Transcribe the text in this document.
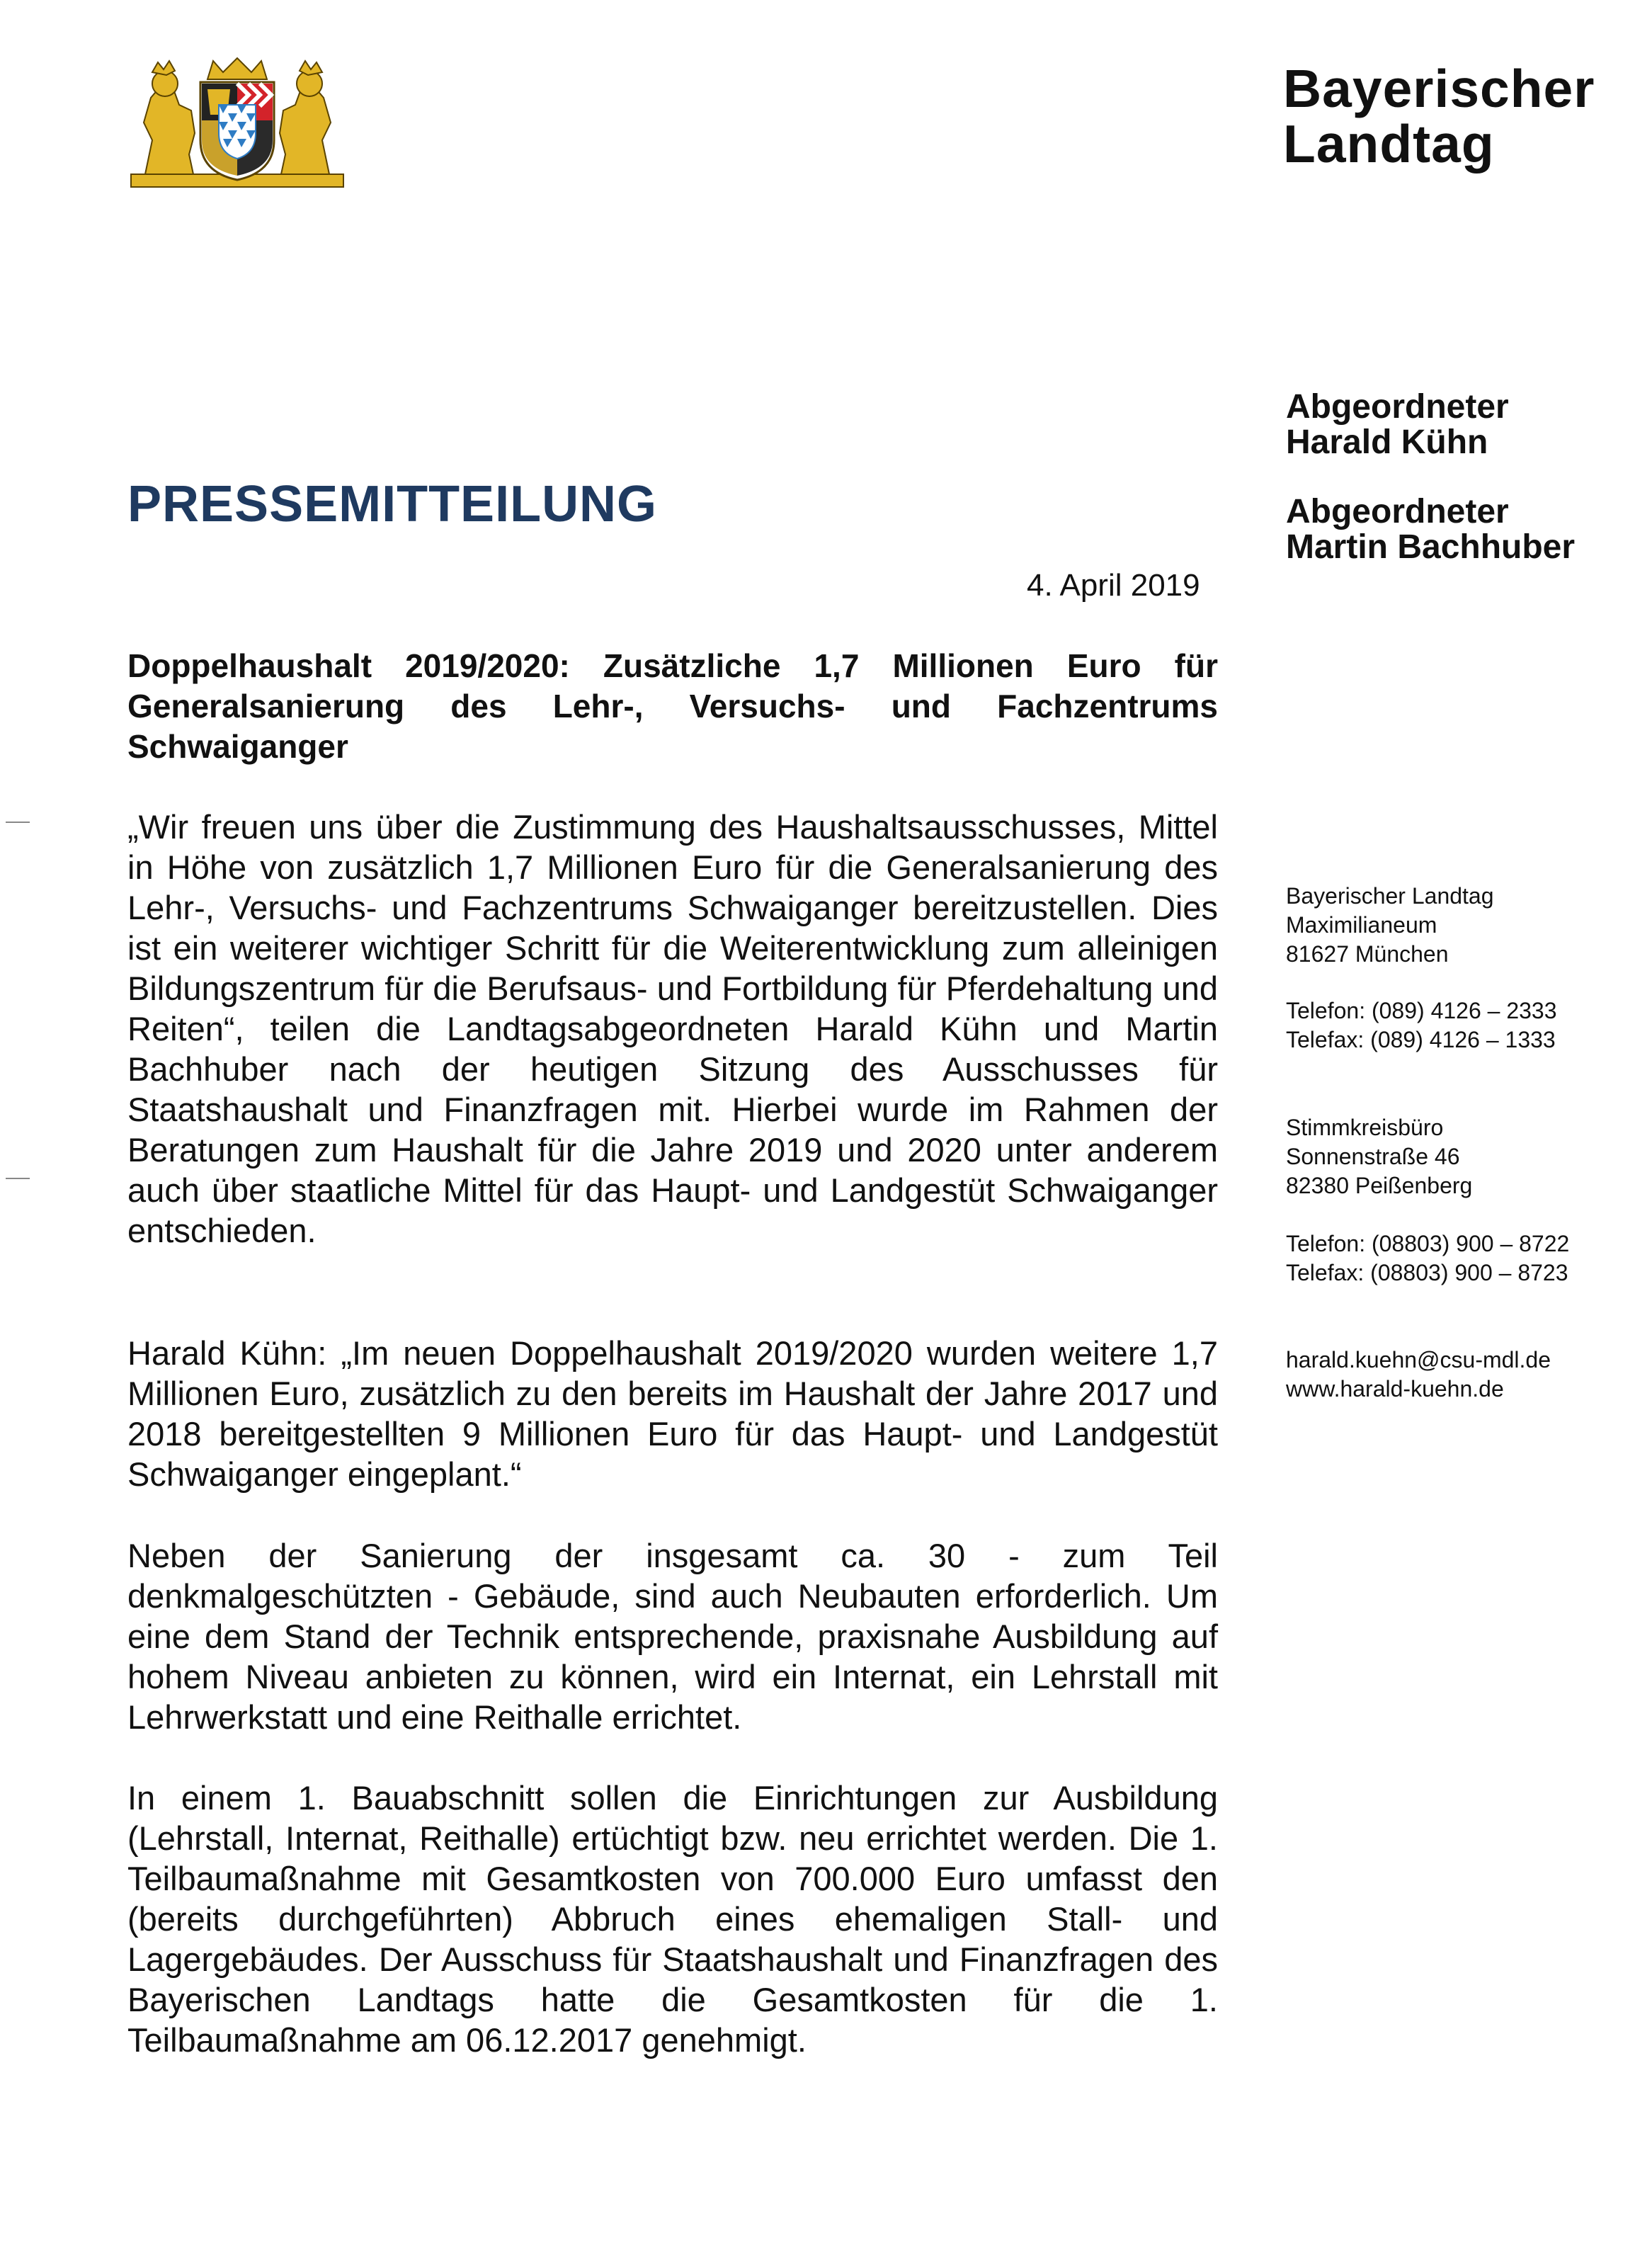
Bayerischer
Landtag
Abgeordneter
Harald Kühn
Abgeordneter
Martin Bachhuber
PRESSEMITTEILUNG
4. April 2019
Doppelhaushalt 2019/2020: Zusätzliche 1,7 Millionen Euro für Generalsanierung des Lehr-, Versuchs- und Fachzentrums Schwaiganger

„Wir freuen uns über die Zustimmung des Haushaltsausschusses, Mittel in Höhe von zusätzlich 1,7 Millionen Euro für die Generalsanierung des Lehr-, Versuchs- und Fachzentrums Schwaiganger bereitzustellen. Dies ist ein weiterer wichtiger Schritt für die Weiterentwicklung zum alleinigen Bildungszentrum für die Berufsaus- und Fortbildung für Pferdehaltung und Reiten“, teilen die Landtagsabgeordneten Harald Kühn und Martin Bachhuber nach der heutigen Sitzung des Ausschusses für Staatshaushalt und Finanzfragen mit. Hierbei wurde im Rahmen der Beratungen zum Haushalt für die Jahre 2019 und 2020 unter anderem auch über staatliche Mittel für das Haupt- und Landgestüt Schwaiganger entschieden.

Harald Kühn: „Im neuen Doppelhaushalt 2019/2020 wurden weitere 1,7 Millionen Euro, zusätzlich zu den bereits im Haushalt der Jahre 2017 und 2018 bereitgestellten 9 Millionen Euro für das Haupt- und Landgestüt Schwaiganger eingeplant.“

Neben der Sanierung der insgesamt ca. 30 - zum Teil denkmalgeschützten - Gebäude, sind auch Neubauten erforderlich. Um eine dem Stand der Technik entsprechende, praxisnahe Ausbildung auf hohem Niveau anbieten zu können, wird ein Internat, ein Lehrstall mit Lehrwerkstatt und eine Reithalle errichtet.

In einem 1. Bauabschnitt sollen die Einrichtungen zur Ausbildung (Lehrstall, Internat, Reithalle) ertüchtigt bzw. neu errichtet werden. Die 1. Teilbaumaßnahme mit Gesamtkosten von 700.000 Euro umfasst den (bereits durchgeführten) Abbruch eines ehemaligen Stall- und Lagergebäudes. Der Ausschuss für Staatshaushalt und Finanzfragen des Bayerischen Landtags hatte die Gesamtkosten für die 1. Teilbaumaßnahme am 06.12.2017 genehmigt.

Bayerischer Landtag
Maximilianeum
81627 München
Telefon: (089) 4126 – 2333
Telefax: (089) 4126 – 1333
Stimmkreisbüro
Sonnenstraße 46
82380 Peißenberg
Telefon: (08803) 900 – 8722
Telefax: (08803) 900 – 8723
harald.kuehn@csu-mdl.de
www.harald-kuehn.de
